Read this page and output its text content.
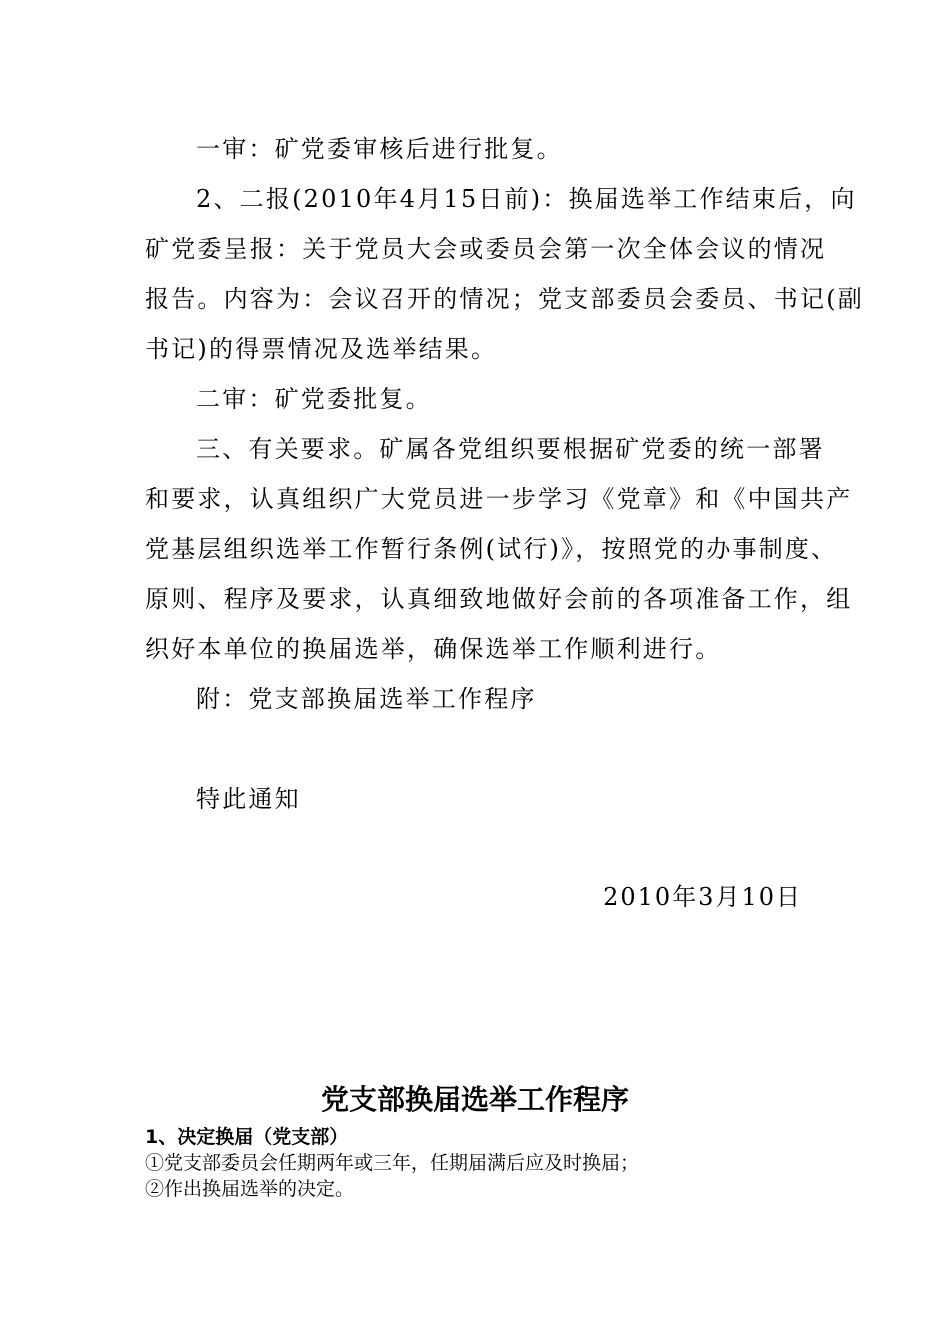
一审：矿党委审核后进行批复。
2、二报(2010年4月15日前)：换届选举工作结束后，向
矿党委呈报：关于党员大会或委员会第一次全体会议的情况
报告。内容为：会议召开的情况；党支部委员会委员、书记(副
书记)的得票情况及选举结果。
二审：矿党委批复。
三、有关要求。矿属各党组织要根据矿党委的统一部署
和要求，认真组织广大党员进一步学习《党章》和《中国共产
党基层组织选举工作暂行条例(试行)》，按照党的办事制度、
原则、程序及要求，认真细致地做好会前的各项准备工作，组
织好本单位的换届选举，确保选举工作顺利进行。
附：党支部换届选举工作程序
特此通知
2010年3月10日
党支部换届选举工作程序
1、决定换届（党支部）
①党支部委员会任期两年或三年，任期届满后应及时换届；
②作出换届选举的决定。
